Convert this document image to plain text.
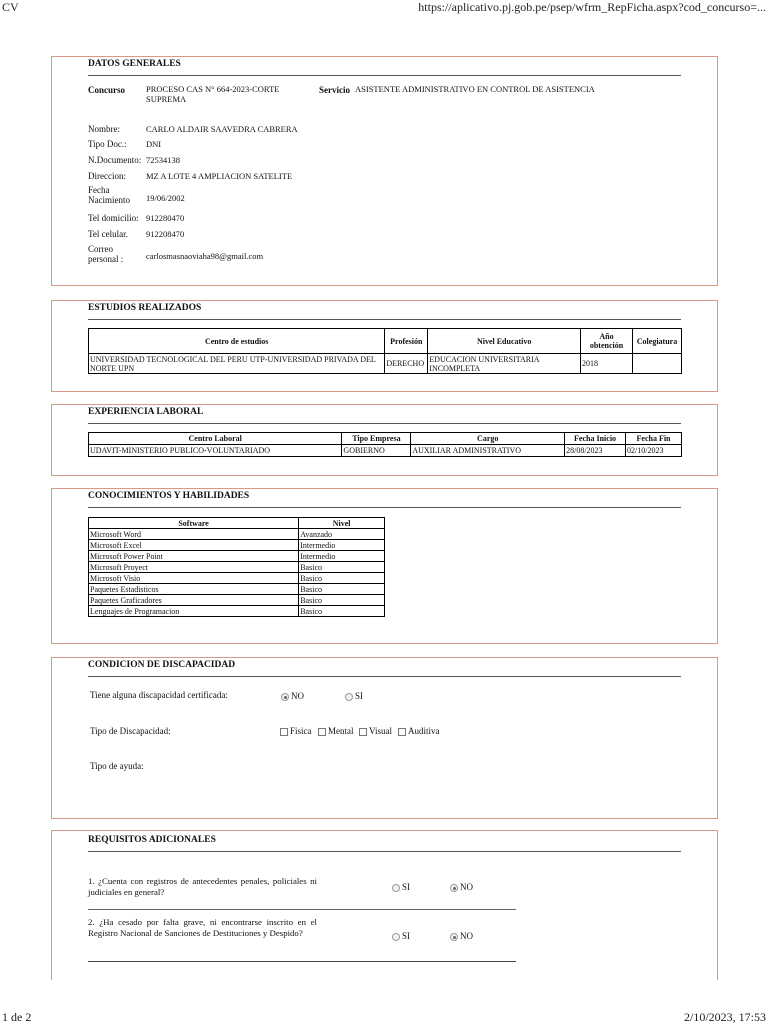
CV	https://aplicativo.pj.gob.pe/psep/wfrm_RepFicha.aspx?cod_concurso=...
1 de 2	2/10/2023, 17:53
DATOS GENERALES
Concurso PROCESO CAS N° 664-2023-CORTE SUPREMA
Servicio ASISTENTE ADMINISTRATIVO EN CONTROL DE ASISTENCIA
Nombre:	CARLO ALDAIR SAAVEDRA CABRERA
Tipo Doc.: DNI
N.Documento: 72534138
Direccion: MZ A LOTE 4 AMPLIACION SATELITE
Fecha Nacimiento	19/06/2002
Tel domicilio: 912280470
Tel celular. 912208470
Correo personal :	carlosmasnaoviaha98@gmail.com
ESTUDIOS REALIZADOS
Centro de estudios	Profesión	Nivel Educativo	Año obtención	Colegiatura
UNIVERSIDAD TECNOLOGICAL DEL PERU UTP-UNIVERSIDAD PRIVADA DEL NORTE UPN	DERECHO	EDUCACION UNIVERSITARIA INCOMPLETA	2018	
EXPERIENCIA LABORAL
Centro Laboral	Tipo Empresa	Cargo	Fecha Inicio	Fecha Fin
UDAVIT-MINISTERIO PUBLICO-VOLUNTARIADO	GOBIERNO	AUXILIAR ADMINISTRATIVO	28/08/2023	02/10/2023
CONOCIMIENTOS Y HABILIDADES
Software	Nivel
Microsoft Word	Avanzado
Microsoft Excel	Intermedio
Microsoft Power Point	Intermedio
Microsoft Proyect	Basico
Microsoft Visio	Basico
Paquetes Estadisticos	Basico
Paquetes Graficadores	Basico
Lenguajes de Programacion	Basico
CONDICION DE DISCAPACIDAD
Tiene alguna discapacidad certificada:	NO	SI
Tipo de Discapacidad:	Fisica	Mental	Visual	Auditiva
Tipo de ayuda:
REQUISITOS ADICIONALES
1. ¿Cuenta con registros de antecedentes penales, policiales ni judiciales en general?	SI	NO
2. ¿Ha cesado por falta grave, ni encontrarse inscrito en el Registro Nacional de Sanciones de Destituciones y Despido?	SI	NO
